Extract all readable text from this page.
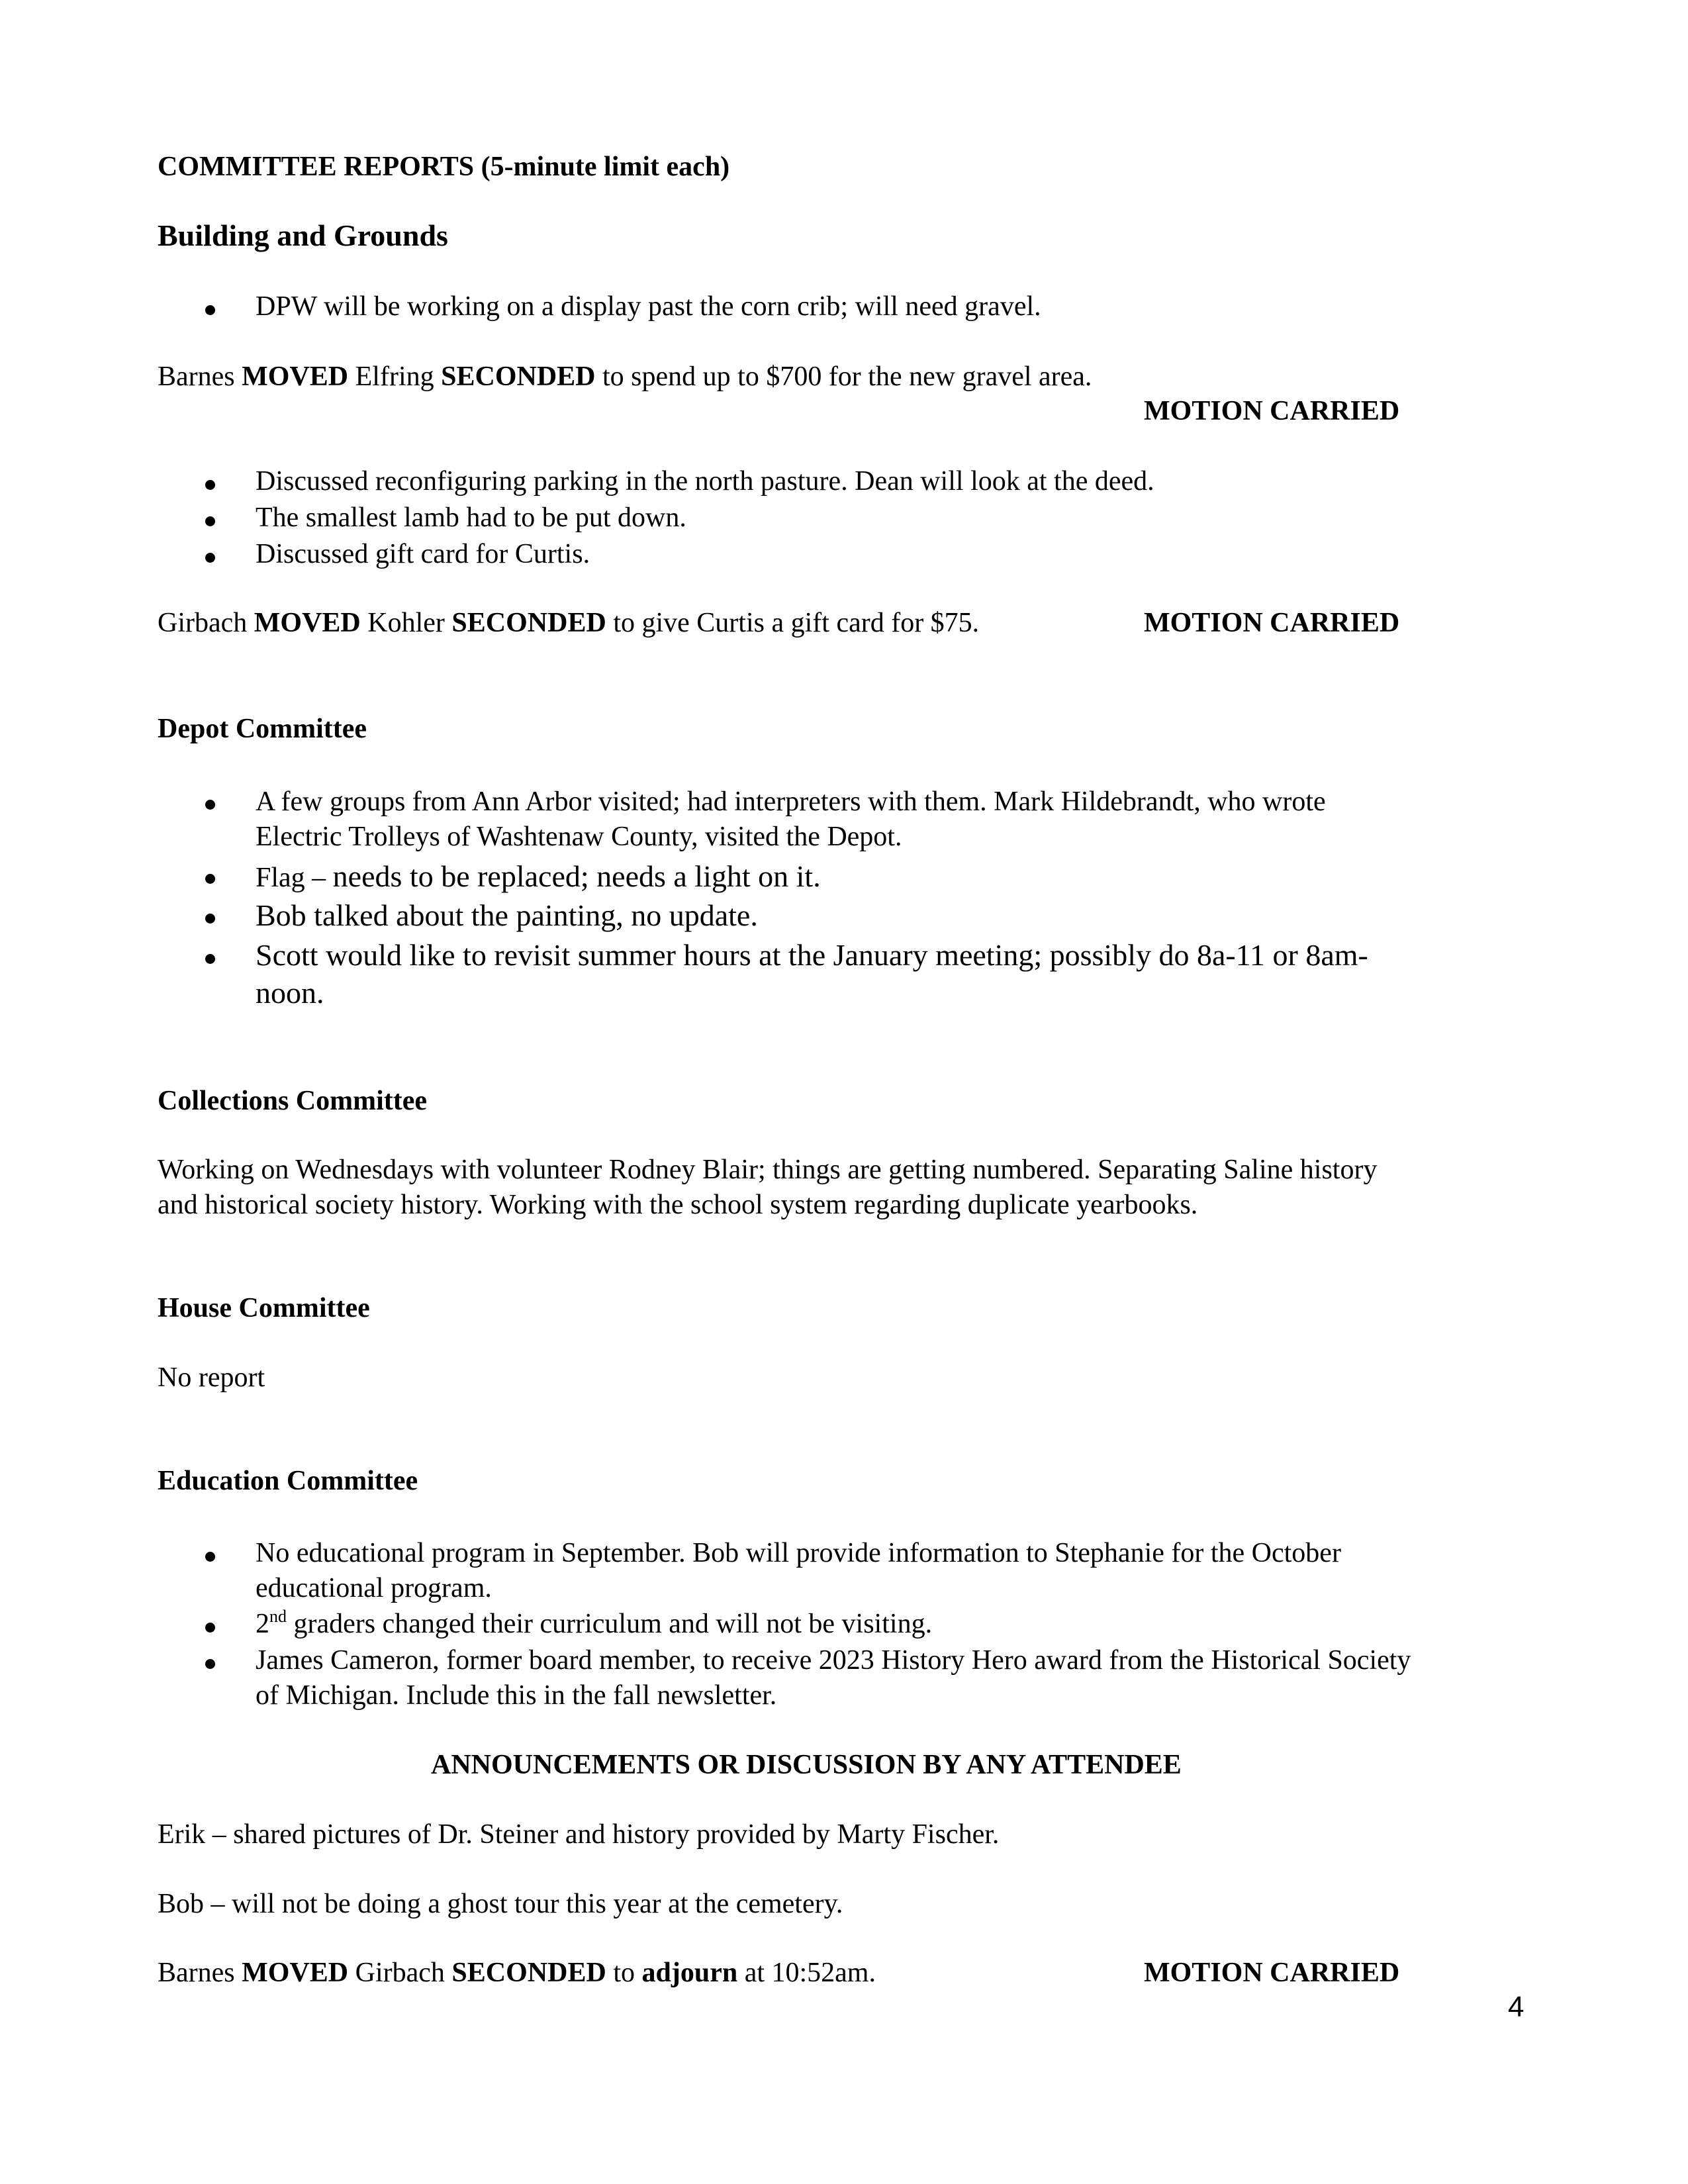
COMMITTEE REPORTS (5-minute limit each)
Building and Grounds
DPW will be working on a display past the corn crib; will need gravel.
Barnes MOVED Elfring SECONDED to spend up to $700 for the new gravel area.
MOTION CARRIED
Discussed reconfiguring parking in the north pasture. Dean will look at the deed.
The smallest lamb had to be put down.
Discussed gift card for Curtis.
Girbach MOVED Kohler SECONDED to give Curtis a gift card for $75.	MOTION CARRIED
Depot Committee
A few groups from Ann Arbor visited; had interpreters with them. Mark Hildebrandt, who wrote
Electric Trolleys of Washtenaw County, visited the Depot.
Flag – needs to be replaced; needs a light on it.
Bob talked about the painting, no update.
Scott would like to revisit summer hours at the January meeting; possibly do 8a-11 or 8am-
noon.
Collections Committee
Working on Wednesdays with volunteer Rodney Blair; things are getting numbered. Separating Saline history
and historical society history. Working with the school system regarding duplicate yearbooks.
House Committee
No report
Education Committee
No educational program in September. Bob will provide information to Stephanie for the October
educational program.
2nd graders changed their curriculum and will not be visiting.
James Cameron, former board member, to receive 2023 History Hero award from the Historical Society
of Michigan. Include this in the fall newsletter.
ANNOUNCEMENTS OR DISCUSSION BY ANY ATTENDEE
Erik – shared pictures of Dr. Steiner and history provided by Marty Fischer.
Bob – will not be doing a ghost tour this year at the cemetery.
Barnes MOVED Girbach SECONDED to adjourn at 10:52am.	MOTION CARRIED
4
